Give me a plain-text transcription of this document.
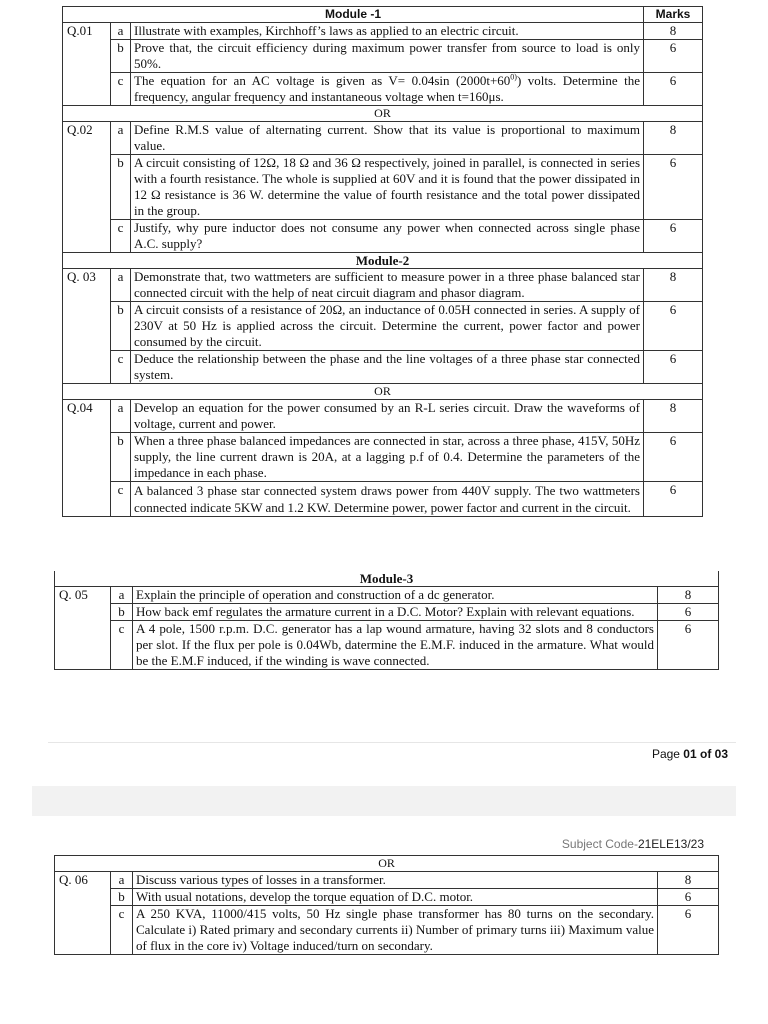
Module -1			Marks
Q.01	a	Illustrate with examples, Kirchhoff’s laws as applied to an electric circuit.	8
	b	Prove that, the circuit efficiency during maximum power transfer from source to load is only 50%.	6
	c	The equation for an AC voltage is given as V= 0.04sin $(2000t+60^{0)})$ volts. Determine the frequency, angular frequency and instantaneous voltage when t=160μs.	6
OR			
Q.02	a	Define R.M.S value of alternating current. Show that its value is proportional to maximum value.	8
	b	A circuit consisting of 12Ω, 18 Ω and 36 Ω respectively, joined in parallel, is connected in series with a fourth resistance. The whole is supplied at 60V and it is found that the power dissipated in 12 Ω resistance is 36 W. determine the value of fourth resistance and the total power dissipated in the group.	6
	c	Justify, why pure inductor does not consume any power when connected across single phase A.C. supply?	6
Module-2			
Q. 03	a	Demonstrate that, two wattmeters are sufficient to measure power in a three phase balanced star connected circuit with the help of neat circuit diagram and phasor diagram.	8
	b	A circuit consists of a resistance of 20Ω, an inductance of 0.05H connected in series. A supply of 230V at 50 Hz is applied across the circuit. Determine the current, power factor and power consumed by the circuit.	6
	c	Deduce the relationship between the phase and the line voltages of a three phase star connected system.	6
OR			
Q.04	a	Develop an equation for the power consumed by an R-L series circuit. Draw the waveforms of voltage, current and power.	8
	b	When a three phase balanced impedances are connected in star, across a three phase, 415V, 50Hz supply, the line current drawn is 20A, at a lagging p.f of 0.4. Determine the parameters of the impedance in each phase.	6
	c	A balanced 3 phase star connected system draws power from 440V supply. The two wattmeters connected indicate 5KW and 1.2 KW. Determine power, power factor and current in the circuit.	6
Module-3			
Q. 05	a	Explain the principle of operation and construction of a dc generator.	8
	b	How back emf regulates the armature current in a D.C. Motor? Explain with relevant equations.	6
	c	A 4 pole, 1500 r.p.m. D.C. generator has a lap wound armature, having 32 slots and 8 conductors per slot. If the flux per pole is 0.04Wb, datermine the E.M.F. induced in the armature. What would be the E.M.F induced, if the winding is wave connected.	6
Page 01 of 03
Subject Code-21ELE13/23
OR			
Q. 06	a	Discuss various types of losses in a transformer.	8
	b	With usual notations, develop the torque equation of D.C. motor.	6
	c	A 250 KVA, 11000/415 volts, 50 Hz single phase transformer has 80 turns on the secondary. Calculate i) Rated primary and secondary currents ii) Number of primary turns iii) Maximum value of flux in the core iv) Voltage induced/turn on secondary.	6
